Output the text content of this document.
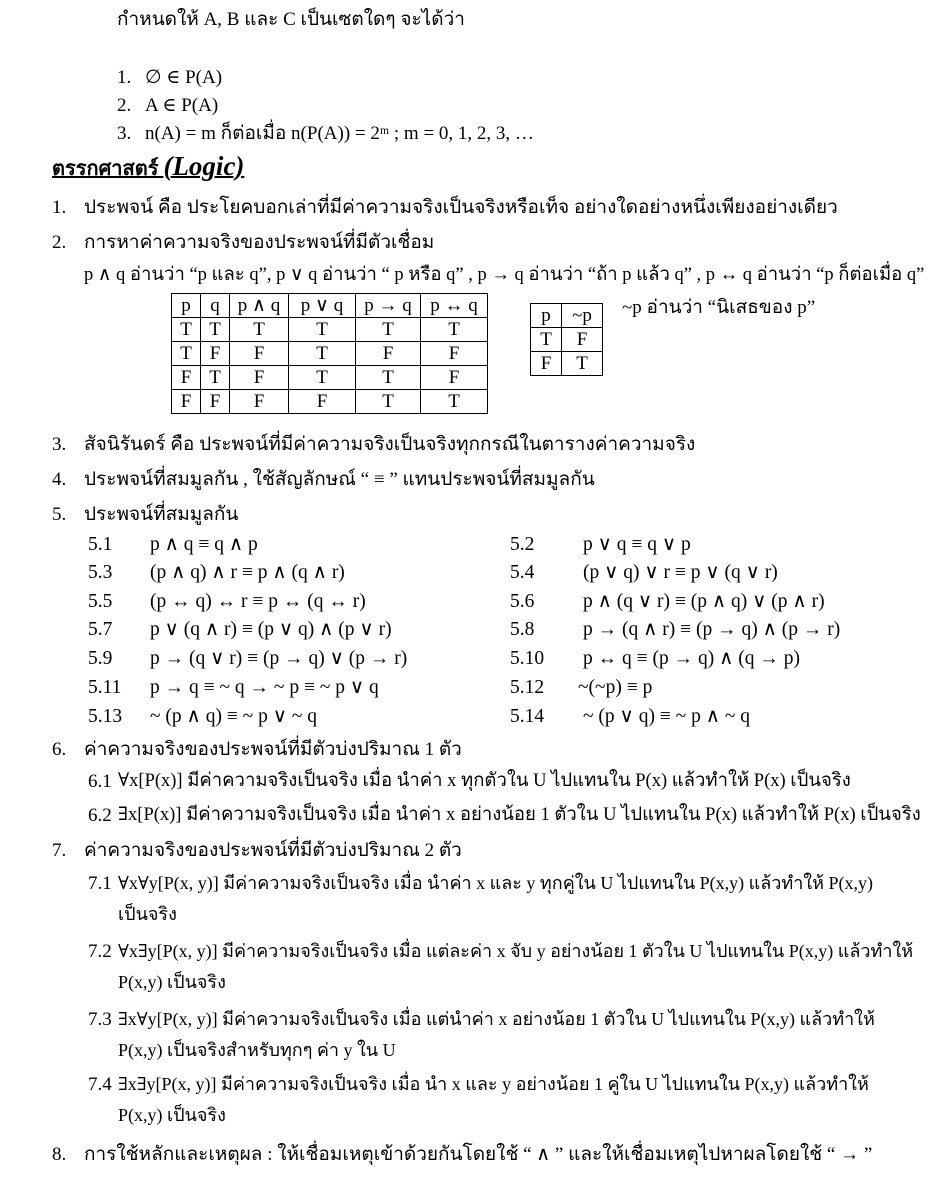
กำหนดให้ A, B และ C เป็นเซตใดๆ จะได้ว่า
1. ∅ ∈ P(A)
2. A ∈ P(A)
3. n(A) = m ก็ต่อเมื่อ n(P(A)) = 2ᵐ ; m = 0, 1, 2, 3, …
ตรรกศาสตร์ (Logic)
1. ประพจน์ คือ ประโยคบอกเล่าที่มีค่าความจริงเป็นจริงหรือเท็จ อย่างใดอย่างหนึ่งเพียงอย่างเดียว
2. การหาค่าความจริงของประพจน์ที่มีตัวเชื่อม
p ∧ q อ่านว่า “p และ q”, p ∨ q อ่านว่า “ p หรือ q” , p → q อ่านว่า “ถ้า p แล้ว q” , p ↔ q อ่านว่า “p ก็ต่อเมื่อ q”
p	q	p ∧ q	p ∨ q	p → q	p ↔ q
T	T	T	T	T	T
T	F	F	T	F	F
F	T	F	T	T	F
F	F	F	F	T	T
p	~p
T	F
F	T
~p อ่านว่า “นิเสธของ p”
3. สัจนิรันดร์ คือ ประพจน์ที่มีค่าความจริงเป็นจริงทุกกรณีในตารางค่าความจริง
4. ประพจน์ที่สมมูลกัน , ใช้สัญลักษณ์ “ ≡ ” แทนประพจน์ที่สมมูลกัน
5. ประพจน์ที่สมมูลกัน
5.1 p ∧ q ≡ q ∧ p	5.2 p ∨ q ≡ q ∨ p
5.3 (p ∧ q) ∧ r ≡ p ∧ (q ∧ r)	5.4 (p ∨ q) ∨ r ≡ p ∨ (q ∨ r)
5.5 (p ↔ q) ↔ r ≡ p ↔ (q ↔ r)	5.6 p ∧ (q ∨ r) ≡ (p ∧ q) ∨ (p ∧ r)
5.7 p ∨ (q ∧ r) ≡ (p ∨ q) ∧ (p ∨ r)	5.8 p → (q ∧ r) ≡ (p → q) ∧ (p → r)
5.9 p → (q ∨ r) ≡ (p → q) ∨ (p → r)	5.10 p ↔ q ≡ (p → q) ∧ (q → p)
5.11 p → q ≡ ~ q → ~ p ≡ ~ p ∨ q	5.12 ~(~p) ≡ p
5.13 ~ (p ∧ q) ≡ ~ p ∨ ~ q	5.14 ~ (p ∨ q) ≡ ~ p ∧ ~ q
6. ค่าความจริงของประพจน์ที่มีตัวบ่งปริมาณ 1 ตัว
6.1 ∀x[P(x)] มีค่าความจริงเป็นจริง เมื่อ นำค่า x ทุกตัวใน U ไปแทนใน P(x) แล้วทำให้ P(x) เป็นจริง
6.2 ∃x[P(x)] มีค่าความจริงเป็นจริง เมื่อ นำค่า x อย่างน้อย 1 ตัวใน U ไปแทนใน P(x) แล้วทำให้ P(x) เป็นจริง
7. ค่าความจริงของประพจน์ที่มีตัวบ่งปริมาณ 2 ตัว
7.1 ∀x∀y[P(x, y)] มีค่าความจริงเป็นจริง เมื่อ นำค่า x และ y ทุกคู่ใน U ไปแทนใน P(x,y) แล้วทำให้ P(x,y)
เป็นจริง
7.2 ∀x∃y[P(x, y)] มีค่าความจริงเป็นจริง เมื่อ แต่ละค่า x จับ y อย่างน้อย 1 ตัวใน U ไปแทนใน P(x,y) แล้วทำให้
P(x,y) เป็นจริง
7.3 ∃x∀y[P(x, y)] มีค่าความจริงเป็นจริง เมื่อ แต่นำค่า x อย่างน้อย 1 ตัวใน U ไปแทนใน P(x,y) แล้วทำให้
P(x,y) เป็นจริงสำหรับทุกๆ ค่า y ใน U
7.4 ∃x∃y[P(x, y)] มีค่าความจริงเป็นจริง เมื่อ นำ x และ y อย่างน้อย 1 คู่ใน U ไปแทนใน P(x,y) แล้วทำให้
P(x,y) เป็นจริง
8. การใช้หลักและเหตุผล : ให้เชื่อมเหตุเข้าด้วยกันโดยใช้ “ ∧ ” และให้เชื่อมเหตุไปหาผลโดยใช้ “ → ”
